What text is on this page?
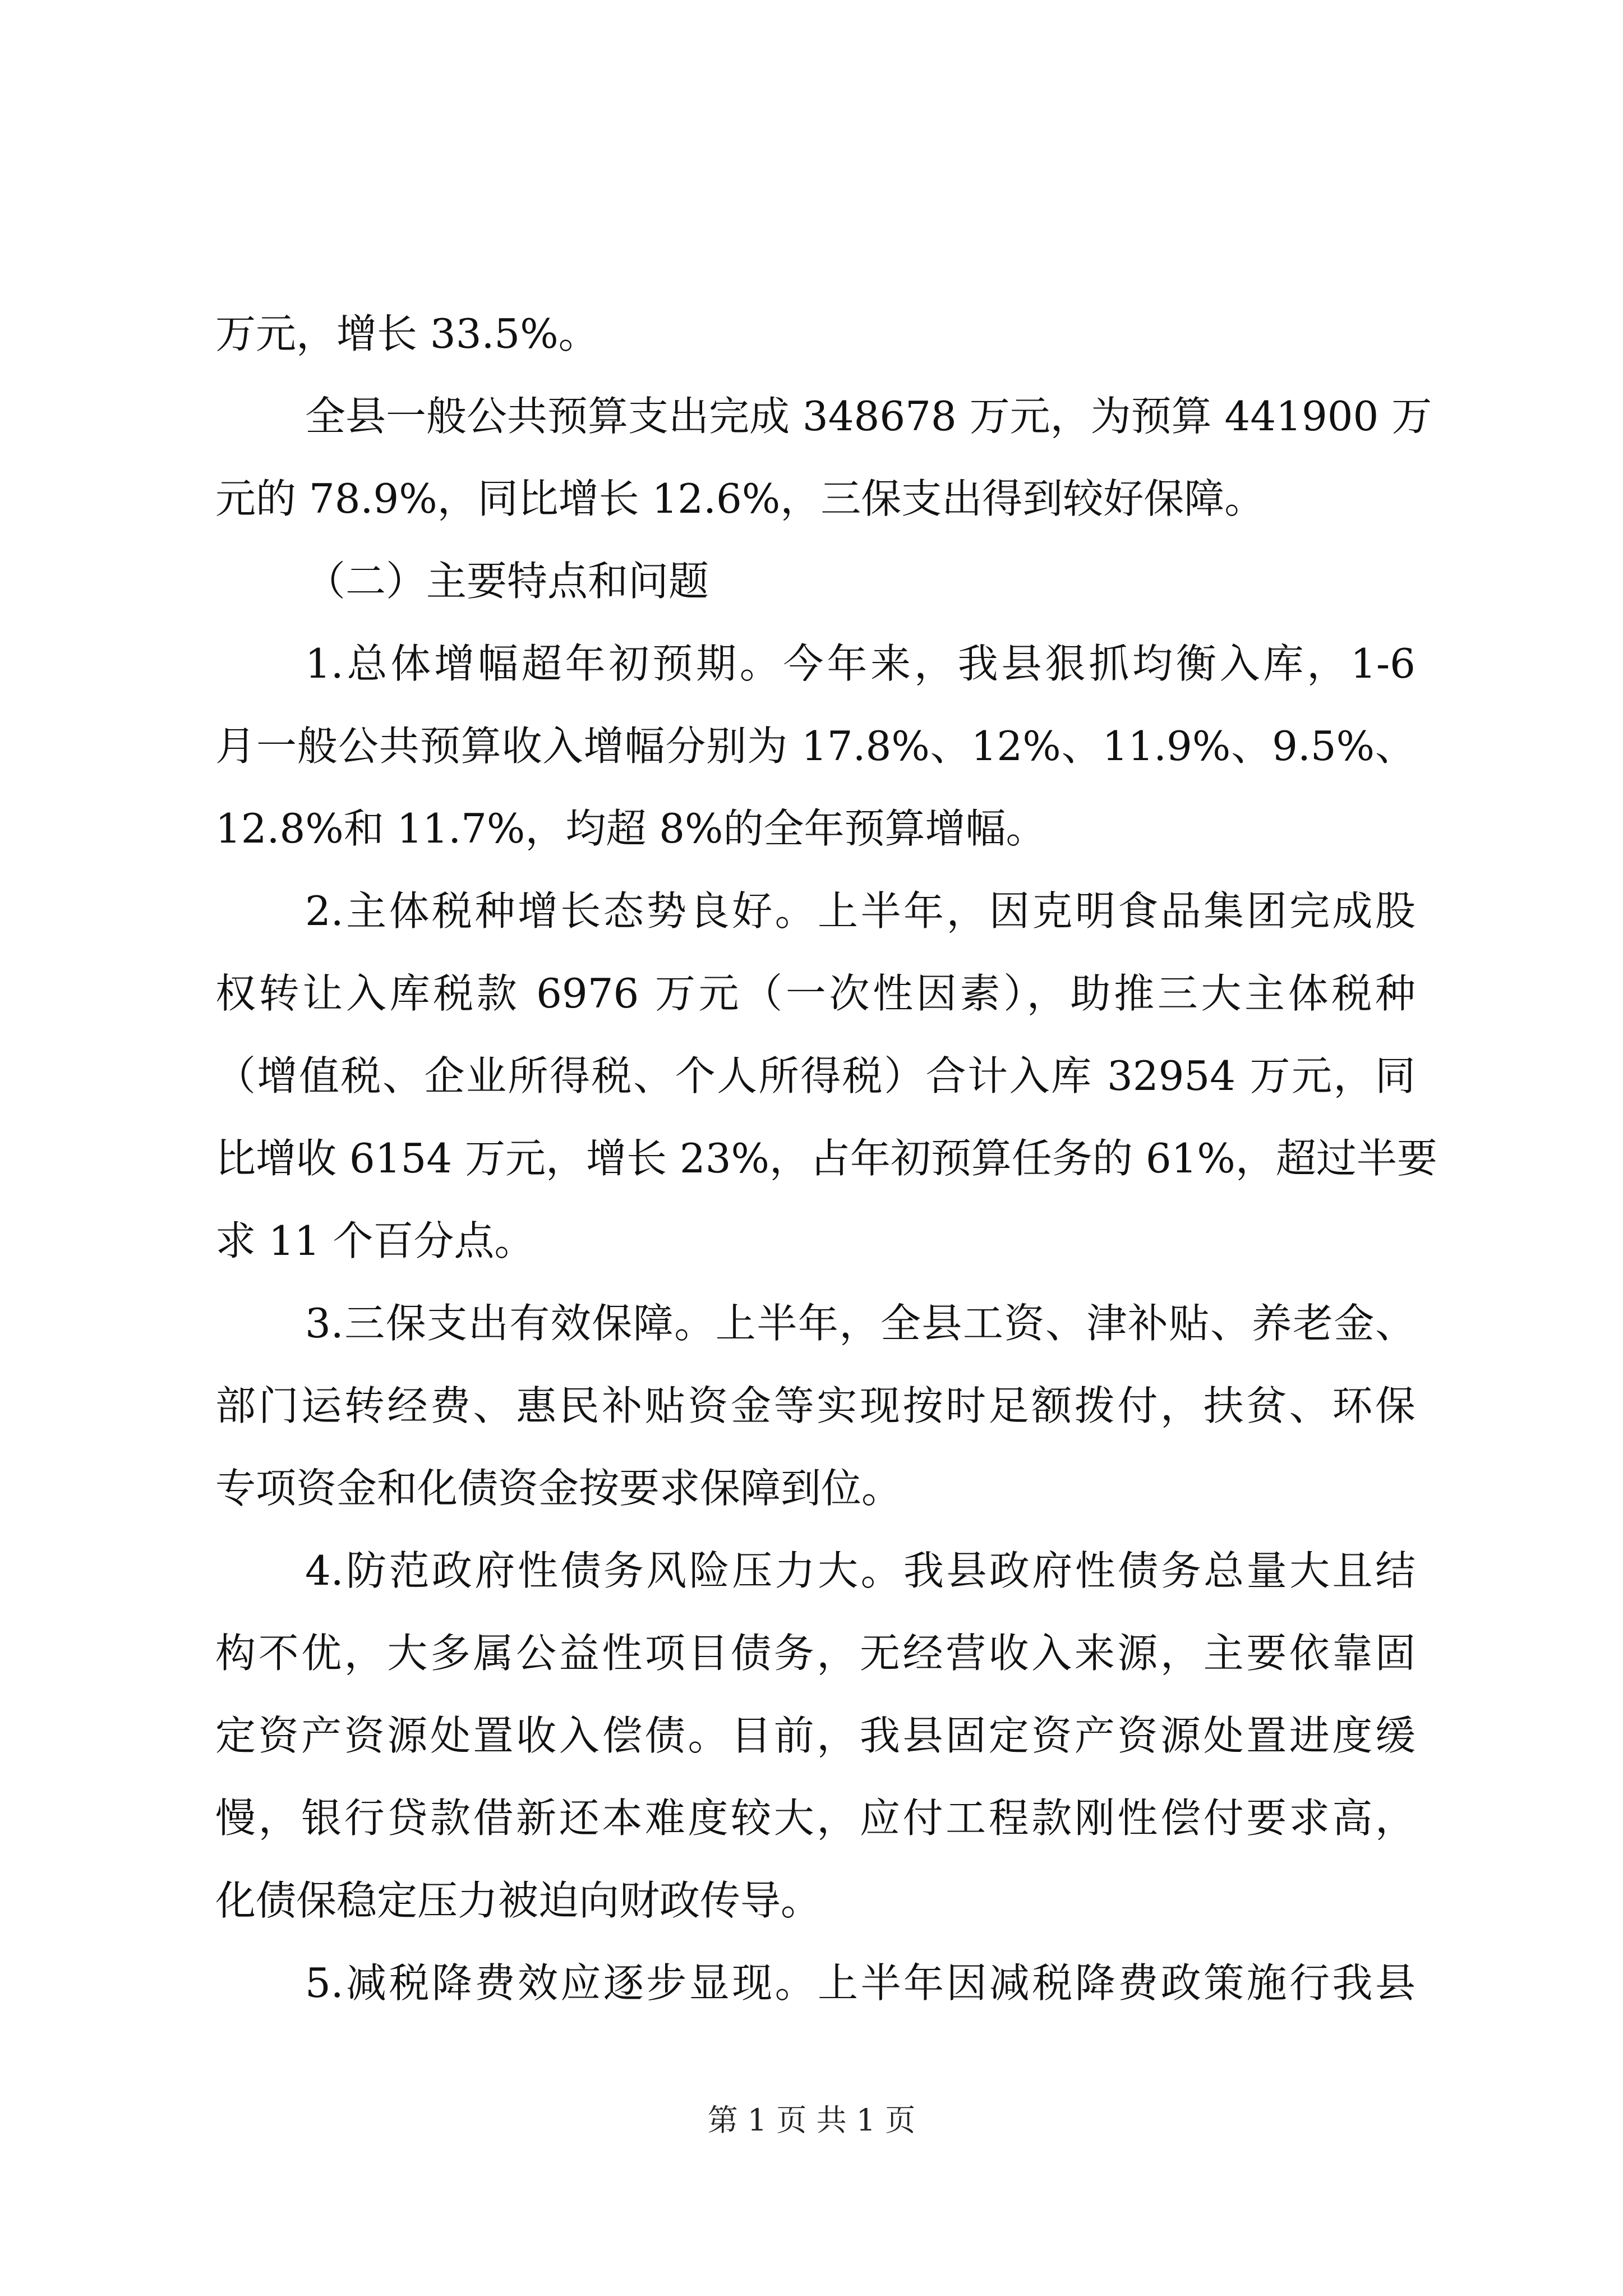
万元，增长 33.5%。
全县一般公共预算支出完成 348678 万元，为预算 441900 万
元的 78.9%，同比增长 12.6%，三保支出得到较好保障。
（二）主要特点和问题
1.总体增幅超年初预期。今年来，我县狠抓均衡入库，1-6
月一般公共预算收入增幅分别为 17.8%、12%、11.9%、9.5%、
12.8%和 11.7%，均超 8%的全年预算增幅。
2.主体税种增长态势良好。上半年，因克明食品集团完成股
权转让入库税款 6976 万元（一次性因素），助推三大主体税种
（增值税、企业所得税、个人所得税）合计入库 32954 万元，同
比增收 6154 万元，增长 23%，占年初预算任务的 61%，超过半要
求 11 个百分点。
3.三保支出有效保障。上半年，全县工资、津补贴、养老金、
部门运转经费、惠民补贴资金等实现按时足额拨付，扶贫、环保
专项资金和化债资金按要求保障到位。
4.防范政府性债务风险压力大。我县政府性债务总量大且结
构不优，大多属公益性项目债务，无经营收入来源，主要依靠固
定资产资源处置收入偿债。目前，我县固定资产资源处置进度缓
慢，银行贷款借新还本难度较大，应付工程款刚性偿付要求高，
化债保稳定压力被迫向财政传导。
5.减税降费效应逐步显现。上半年因减税降费政策施行我县
第 1 页 共 1 页
